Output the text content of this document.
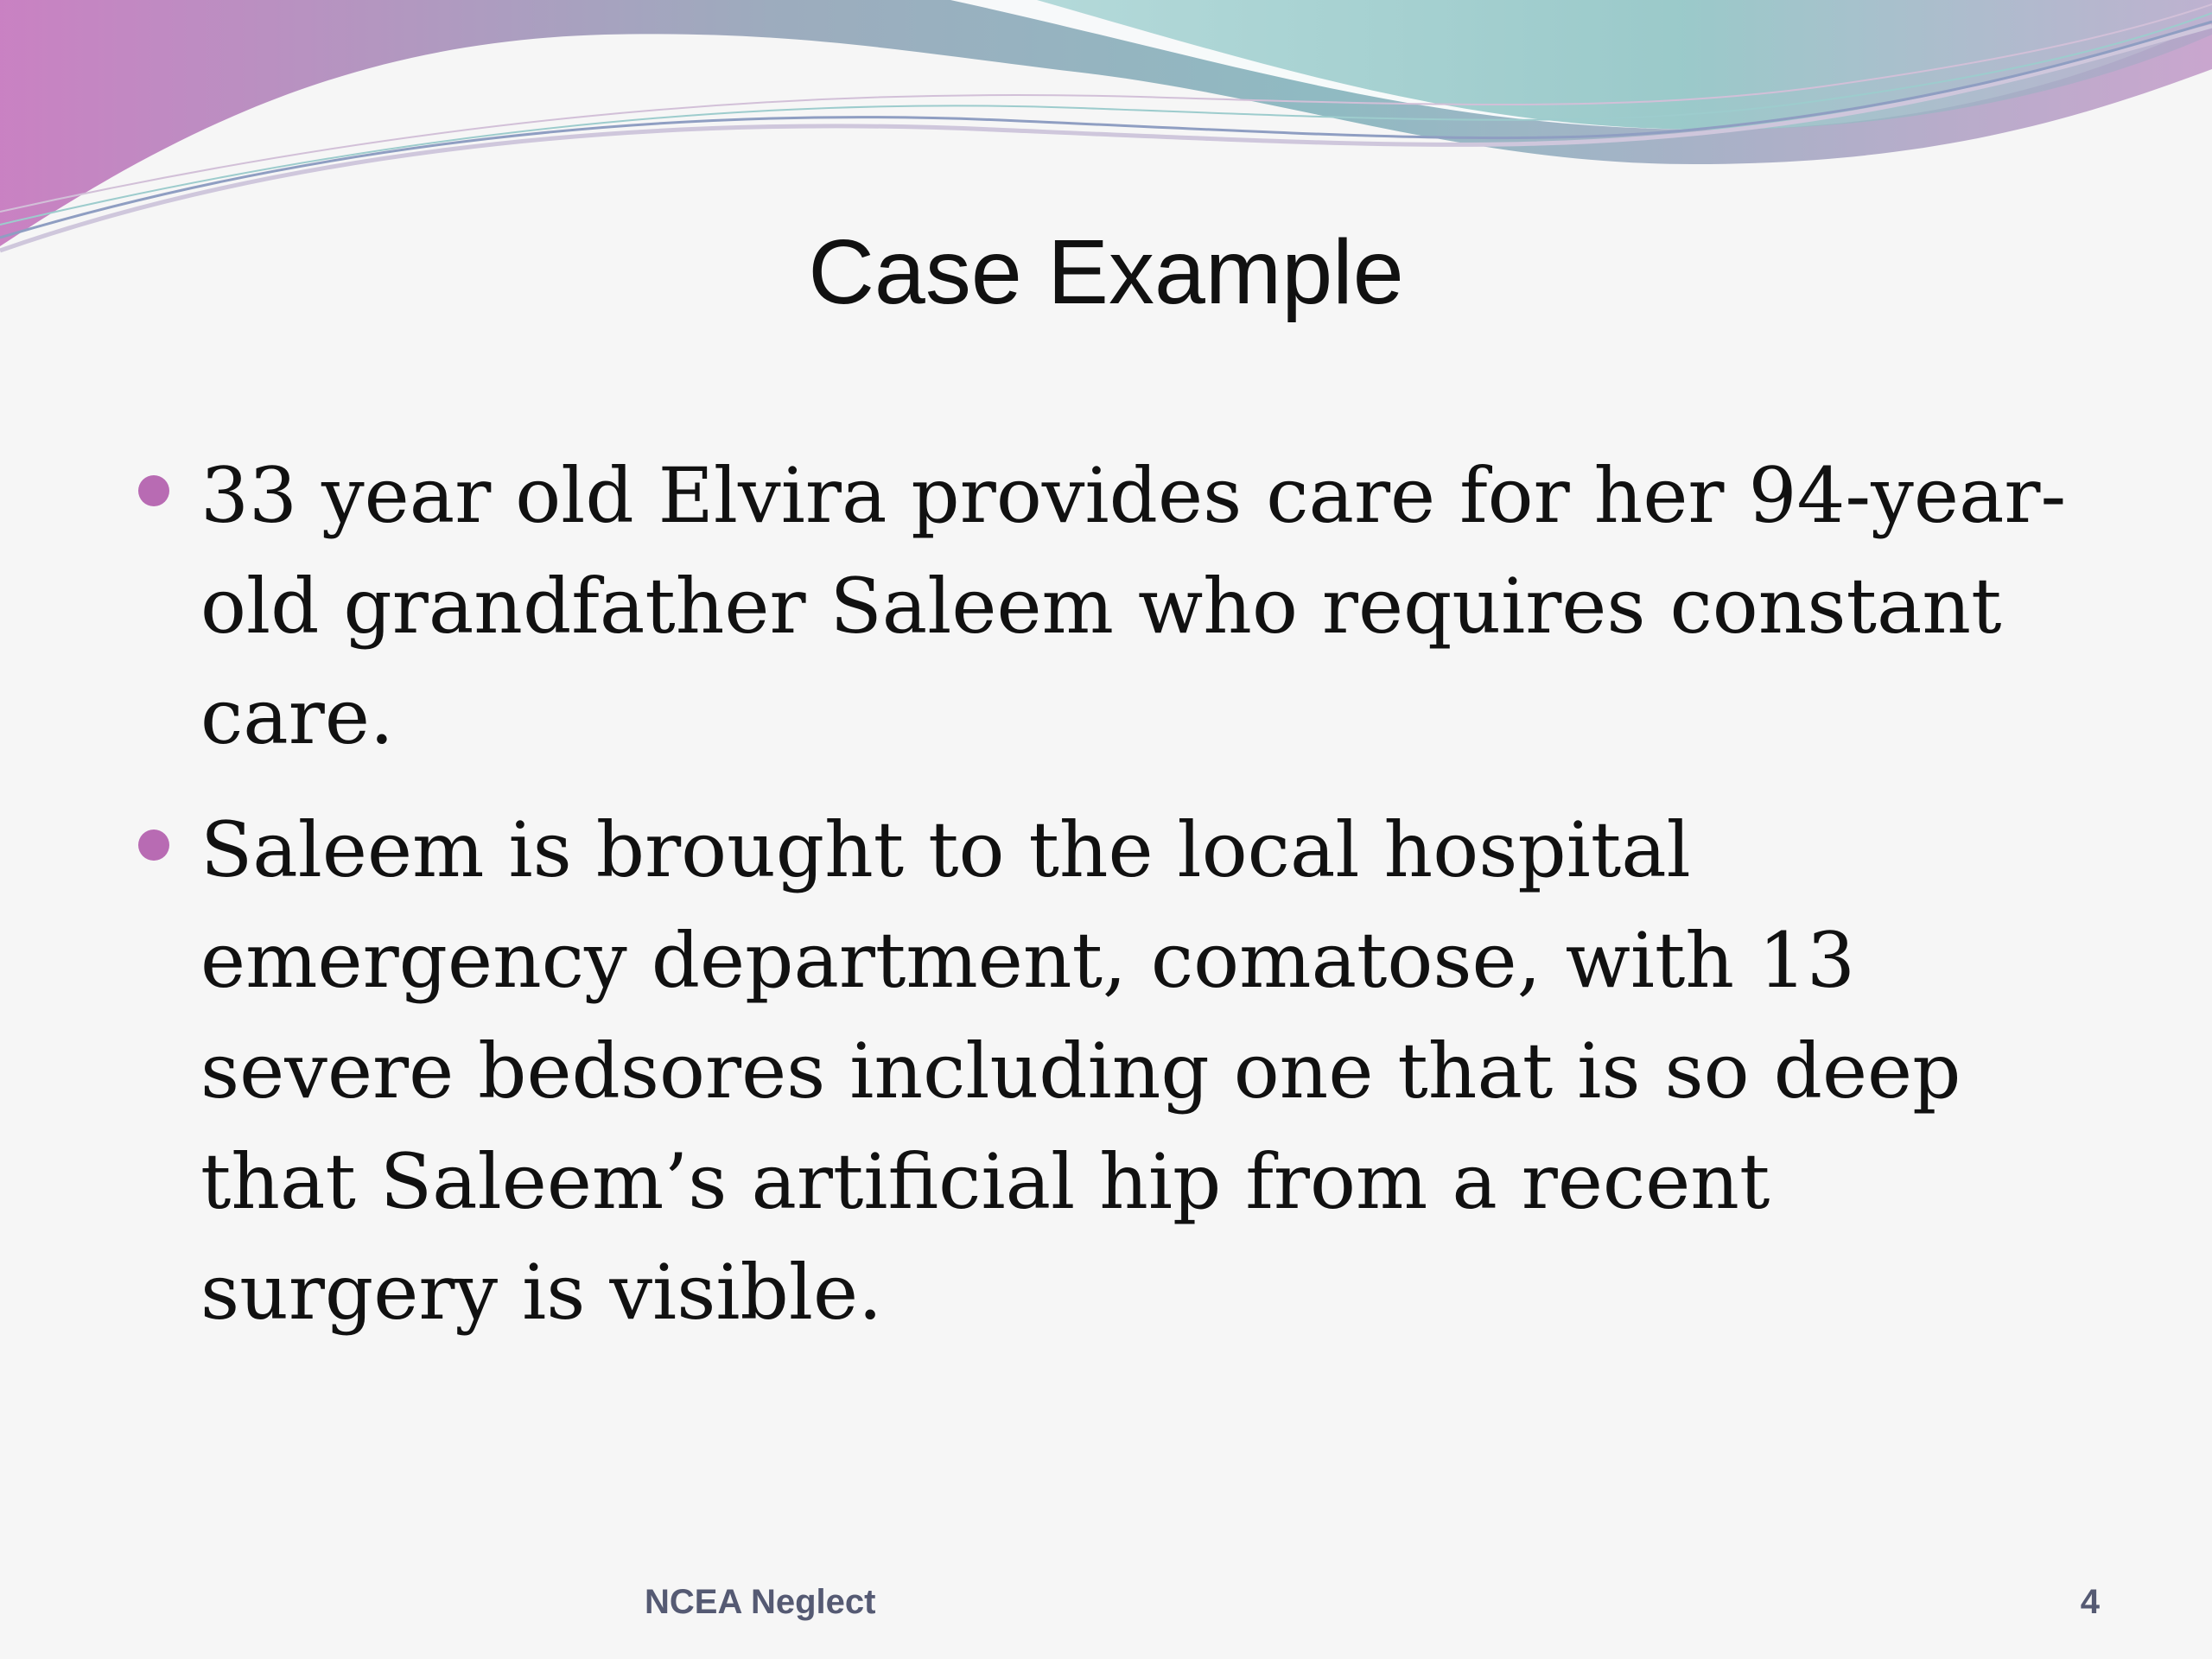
Case Example
33 year old Elvira provides care for her 94-year-old grandfather Saleem who requires constant care.
Saleem is brought to the local hospital emergency department, comatose, with 13 severe bedsores including one that is so deep that Saleem’s artificial hip from a recent surgery is visible.
NCEA Neglect	4
